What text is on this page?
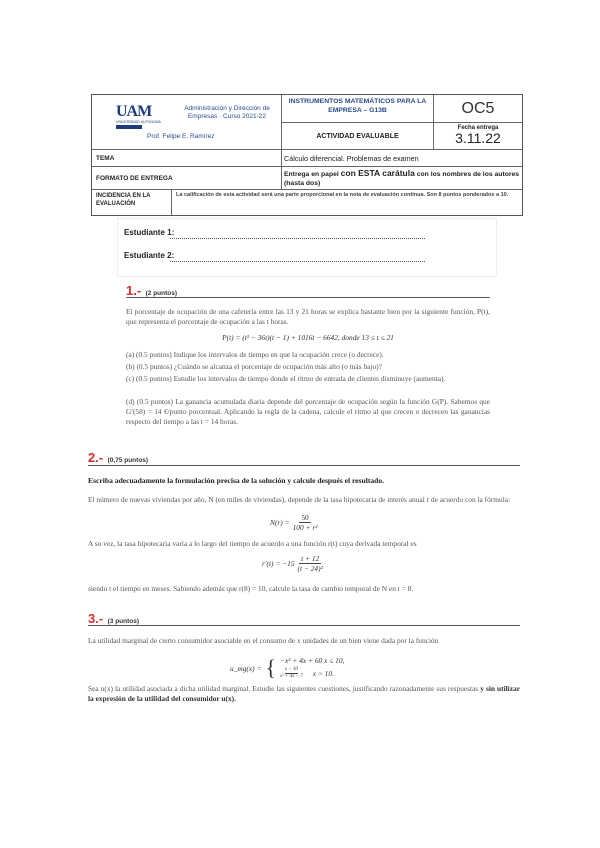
UAM
UNIVERSIDAD AUTONOMA
Administración y Dirección de
Empresas · Curso 2021-22
Prof. Felipe E. Ramírez
INSTRUMENTOS MATEMÁTICOS PARA LA EMPRESA – G13B	OC5
ACTIVIDAD EVALUABLE
Fecha entrega
3.11.22
TEMA	Cálculo diferencial. Problemas de examen
FORMATO DE ENTREGA
Entrega en papel con ESTA carátula con los nombres de los autores (hasta dos)
INCIDENCIA EN LA EVALUACIÓN
La calificación de esta actividad será una parte proporcional en la nota de evaluación continua. Son 8 puntos ponderados a 10.
Estudiante 1:
Estudiante 2:
1.- (2 puntos)

El porcentaje de ocupación de una cafetería entre las 13 y 21 horas se explica bastante bien por la siguiente función, P(t), que representa el porcentaje de ocupación a las t horas.

P(t) = (t² − 36t)(t − 1) + 1016t − 6642, donde 13 ≤ t ≤ 21

(a) (0.5 puntos) Indique los intervalos de tiempo en que la ocupación crece (o decrece).

(b) (0.5 puntos) ¿Cuándo se alcanza el porcentaje de ocupación más alto (o más bajo)?

(c) (0.5 puntos) Estudie los intervalos de tiempo donde el ritmo de entrada de clientes disminuye (aumenta).

(d) (0.5 puntos) La ganancia acumulada diaria depende del porcentaje de ocupación según la función G(P). Sabemos que G′(58) = 14 €/punto porcentual. Aplicando la regla de la cadena, calcule el ritmo al que crecen o decrecen las ganancias respecto del tiempo a las t = 14 horas.

2.- (0,75 puntos)

Escriba adecuadamente la formulación precisa de la solución y calcule después el resultado.

El número de nuevas viviendas por año, N (en miles de viviendas), depende de la tasa hipotecaria de interés anual r de acuerdo con la fórmula:

$N(r) = \frac{50}{\text{100 + r²}}$

A su vez, la tasa hipotecaria varía a lo largo del tiempo de acuerdo a una función r(t) cuya derivada temporal es

$r'(t) = -15 \frac{t + 12}{\text{(t − 24)²}}$

siendo t el tiempo en meses. Sabiendo además que r(8) = 10, calcule la tasa de cambio temporal de N en t = 8.

3.- (3 puntos)

La utilidad marginal de cierto consumidor asociable en el consumo de x unidades de un bien viene dada por la función

u_mg(x) = { −x² + 4x + 60 x ≤ 10,
$\frac{x - 10}{\text{x² + 4x − 7}}$ x > 10.

Sea u(x) la utilidad asociada a dicha utilidad marginal. Estudie las siguientes cuestiones, justificando razonadamente sus respuestas y sin utilizar la expresión de la utilidad del consumidor u(x).
